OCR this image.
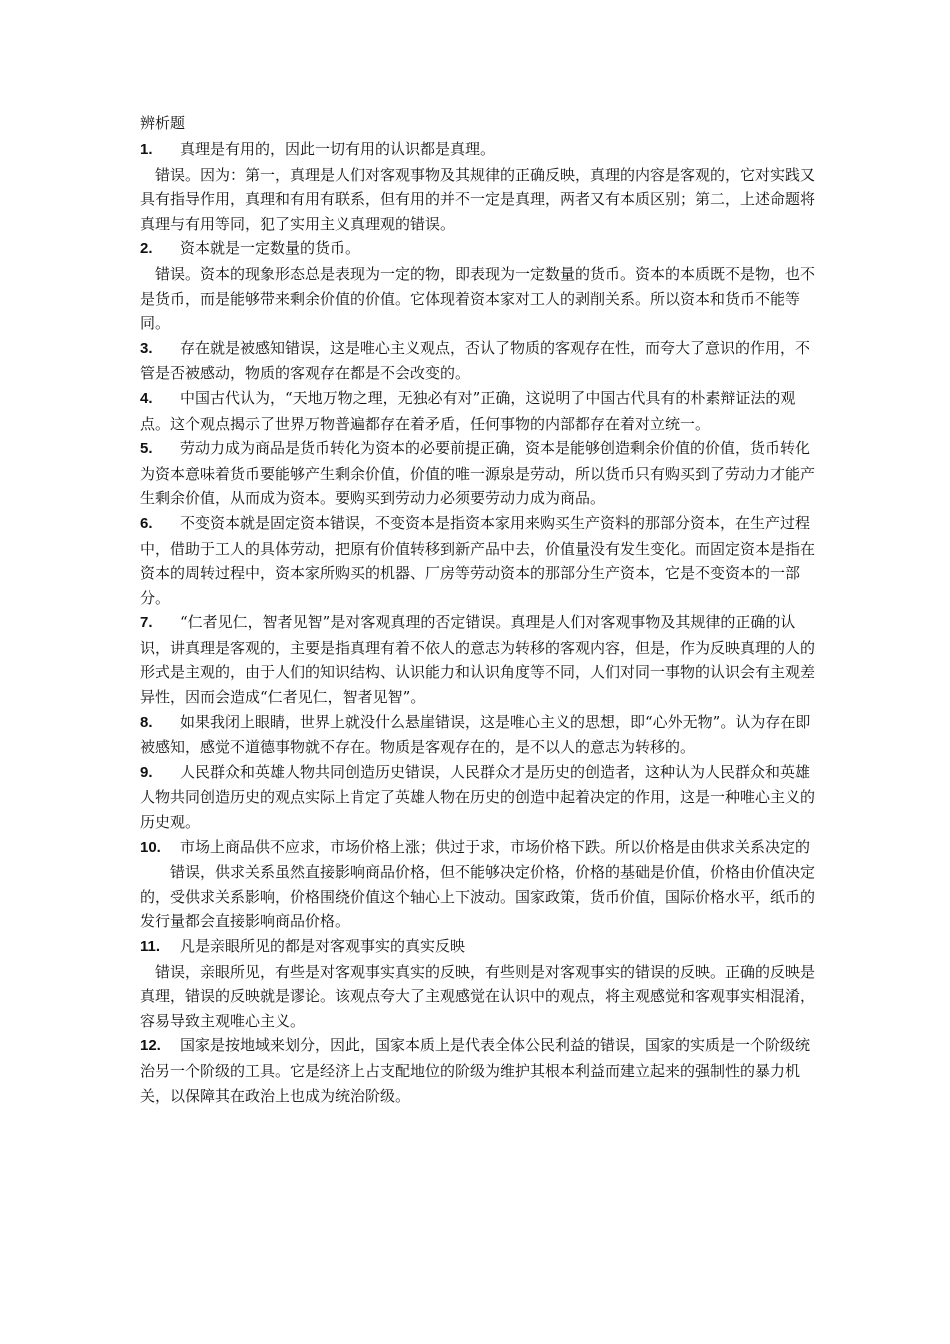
辨析题
1. 真理是有用的，因此一切有用的认识都是真理。
错误。因为：第一，真理是人们对客观事物及其规律的正确反映，真理的内容是客观的，它对实践又具有指导作用，真理和有用有联系，但有用的并不一定是真理，两者又有本质区别；第二，上述命题将真理与有用等同，犯了实用主义真理观的错误。
2. 资本就是一定数量的货币。
错误。资本的现象形态总是表现为一定的物，即表现为一定数量的货币。资本的本质既不是物，也不是货币，而是能够带来剩余价值的价值。它体现着资本家对工人的剥削关系。所以资本和货币不能等同。
3. 存在就是被感知错误，这是唯心主义观点，否认了物质的客观存在性，而夸大了意识的作用，不管是否被感动，物质的客观存在都是不会改变的。
4. 中国古代认为，“天地万物之理，无独必有对”正确，这说明了中国古代具有的朴素辩证法的观点。这个观点揭示了世界万物普遍都存在着矛盾，任何事物的内部都存在着对立统一。
5. 劳动力成为商品是货币转化为资本的必要前提正确，资本是能够创造剩余价值的价值，货币转化为资本意味着货币要能够产生剩余价值，价值的唯一源泉是劳动，所以货币只有购买到了劳动力才能产生剩余价值，从而成为资本。要购买到劳动力必须要劳动力成为商品。
6. 不变资本就是固定资本错误，不变资本是指资本家用来购买生产资料的那部分资本，在生产过程中，借助于工人的具体劳动，把原有价值转移到新产品中去，价值量没有发生变化。而固定资本是指在资本的周转过程中，资本家所购买的机器、厂房等劳动资本的那部分生产资本，它是不变资本的一部分。
7. “仁者见仁，智者见智”是对客观真理的否定错误。真理是人们对客观事物及其规律的正确的认识，讲真理是客观的，主要是指真理有着不依人的意志为转移的客观内容，但是，作为反映真理的人的形式是主观的，由于人们的知识结构、认识能力和认识角度等不同，人们对同一事物的认识会有主观差异性，因而会造成“仁者见仁，智者见智”。
8. 如果我闭上眼睛，世界上就没什么悬崖错误，这是唯心主义的思想，即“心外无物”。认为存在即被感知，感觉不道德事物就不存在。物质是客观存在的，是不以人的意志为转移的。
9. 人民群众和英雄人物共同创造历史错误，人民群众才是历史的创造者，这种认为人民群众和英雄人物共同创造历史的观点实际上肯定了英雄人物在历史的创造中起着决定的作用，这是一种唯心主义的历史观。
10. 市场上商品供不应求，市场价格上涨；供过于求，市场价格下跌。所以价格是由供求关系决定的
错误，供求关系虽然直接影响商品价格，但不能够决定价格，价格的基础是价值，价格由价值决定的，受供求关系影响，价格围绕价值这个轴心上下波动。国家政策，货币价值，国际价格水平，纸币的发行量都会直接影响商品价格。
11. 凡是亲眼所见的都是对客观事实的真实反映
错误，亲眼所见，有些是对客观事实真实的反映，有些则是对客观事实的错误的反映。正确的反映是真理，错误的反映就是谬论。该观点夸大了主观感觉在认识中的观点，将主观感觉和客观事实相混淆，容易导致主观唯心主义。
12. 国家是按地域来划分，因此，国家本质上是代表全体公民利益的错误，国家的实质是一个阶级统治另一个阶级的工具。它是经济上占支配地位的阶级为维护其根本利益而建立起来的强制性的暴力机关，以保障其在政治上也成为统治阶级。
